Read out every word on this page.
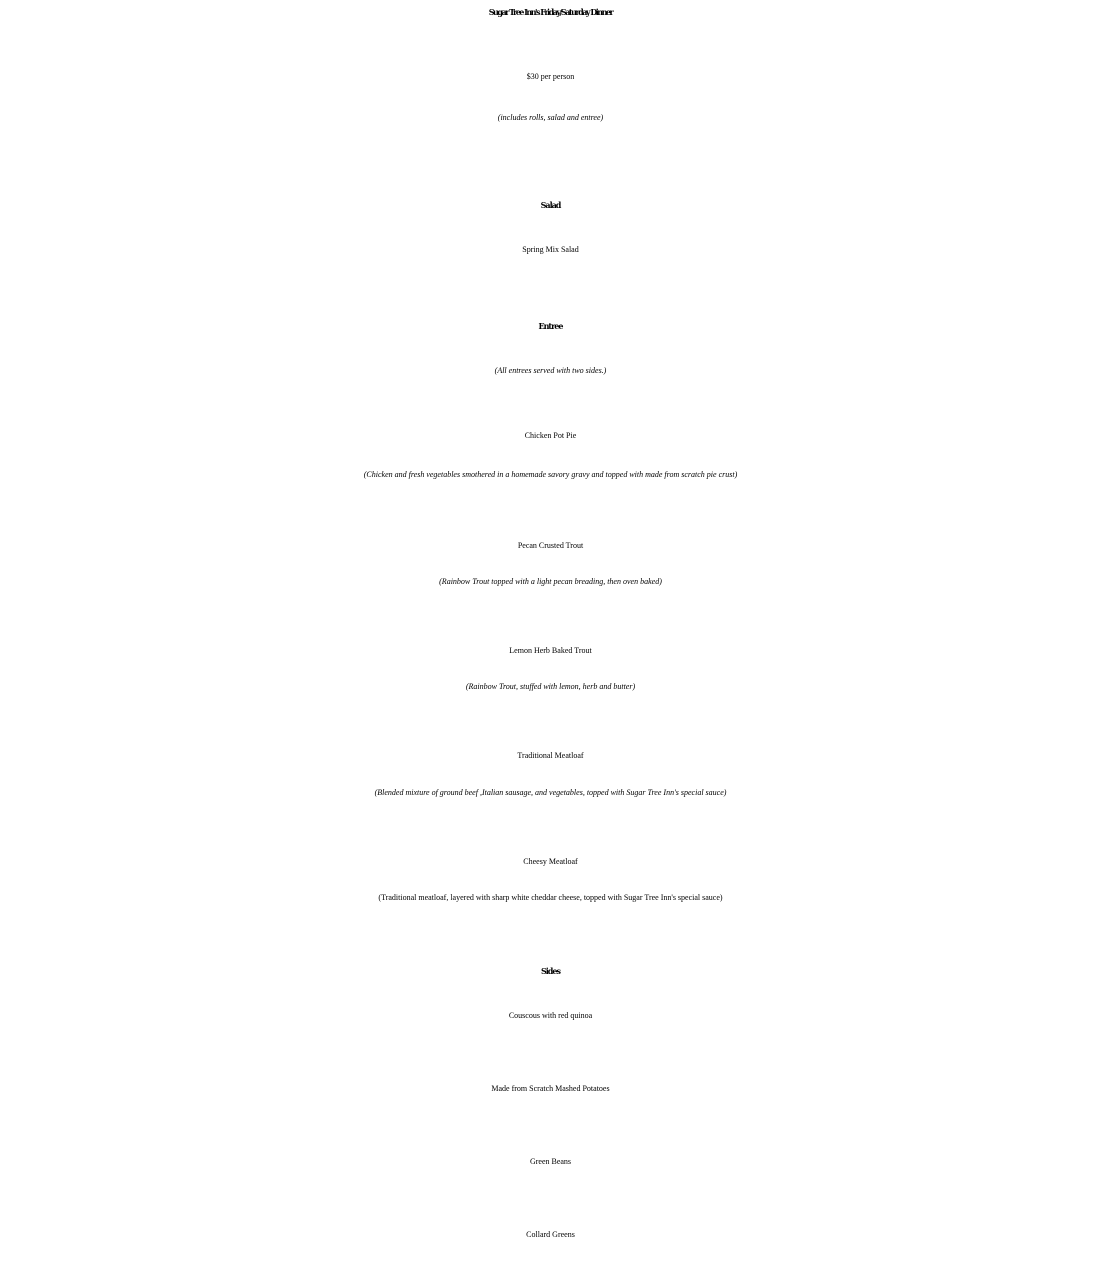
Sugar Tree Inn's Friday/Saturday Dinner
$30 per person
(includes rolls, salad and entree)
Salad
Spring Mix Salad
Entree
(All entrees served with two sides.)
Chicken Pot Pie
(Chicken and fresh vegetables smothered in a homemade savory gravy and topped with made from scratch pie crust)
Pecan Crusted Trout
(Rainbow Trout topped with a light pecan breading, then oven baked)
Lemon Herb Baked Trout
(Rainbow Trout, stuffed with lemon, herb and butter)
Traditional Meatloaf
(Blended mixture of ground beef ,Italian sausage, and vegetables, topped with Sugar Tree Inn's special sauce)
Cheesy Meatloaf
(Traditional meatloaf, layered with sharp white cheddar cheese, topped with Sugar Tree Inn's special sauce)
Sides
Couscous with red quinoa
Made from Scratch Mashed Potatoes
Green Beans
Collard Greens
